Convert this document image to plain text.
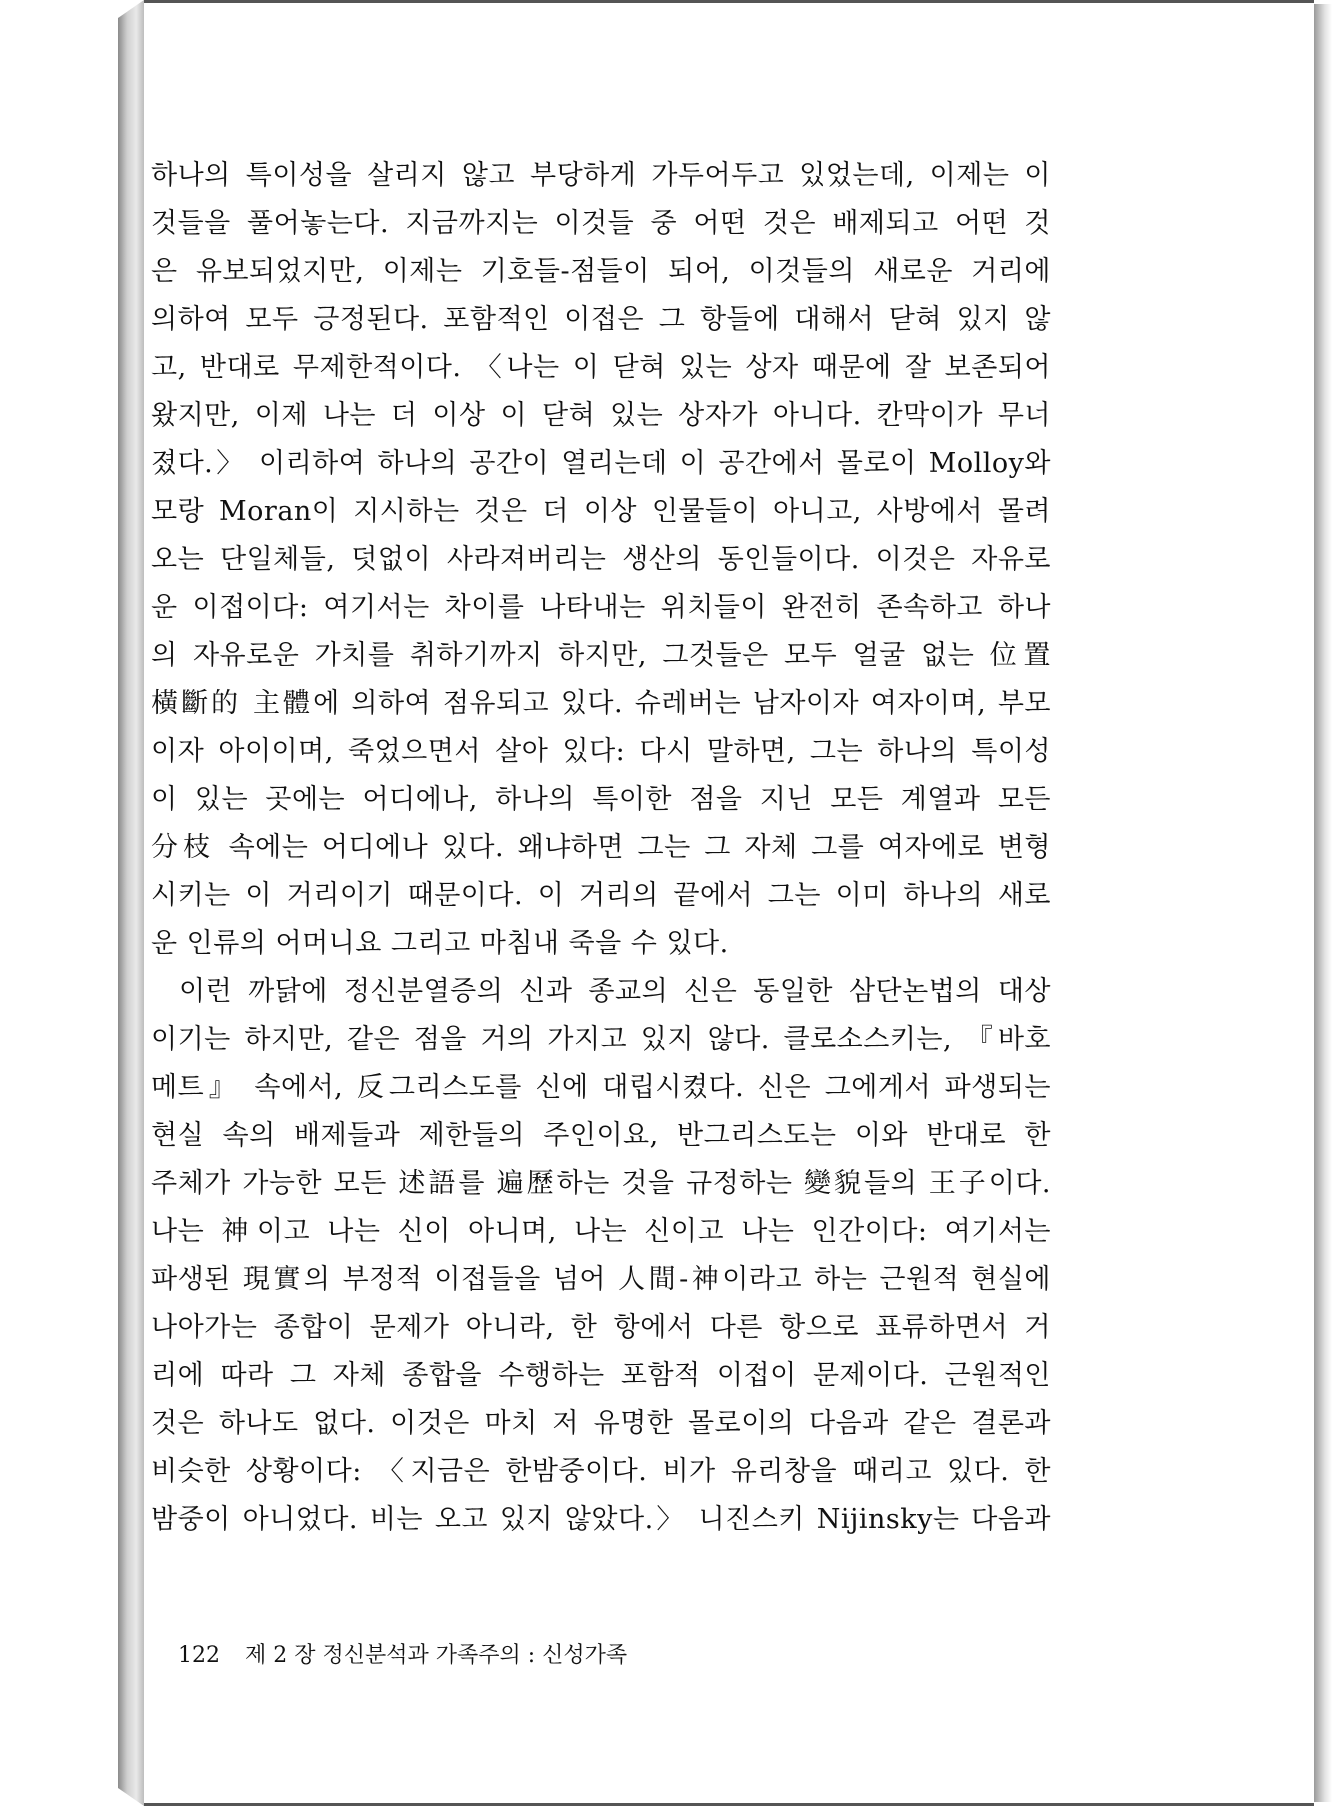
하나의 특이성을 살리지 않고 부당하게 가두어두고 있었는데, 이제는 이
것들을 풀어놓는다. 지금까지는 이것들 중 어떤 것은 배제되고 어떤 것
은 유보되었지만, 이제는 기호들-점들이 되어, 이것들의 새로운 거리에
의하여 모두 긍정된다. 포함적인 이접은 그 항들에 대해서 닫혀 있지 않
고, 반대로 무제한적이다. 〈나는 이 닫혀 있는 상자 때문에 잘 보존되어
왔지만, 이제 나는 더 이상 이 닫혀 있는 상자가 아니다. 칸막이가 무너
졌다.〉 이리하여 하나의 공간이 열리는데 이 공간에서 몰로이 Molloy와
모랑 Moran이 지시하는 것은 더 이상 인물들이 아니고, 사방에서 몰려
오는 단일체들, 덧없이 사라져버리는 생산의 동인들이다. 이것은 자유로
운 이접이다: 여기서는 차이를 나타내는 위치들이 완전히 존속하고 하나
의 자유로운 가치를 취하기까지 하지만, 그것들은 모두 얼굴 없는 位置
橫斷的 主體에 의하여 점유되고 있다. 슈레버는 남자이자 여자이며, 부모
이자 아이이며, 죽었으면서 살아 있다: 다시 말하면, 그는 하나의 특이성
이 있는 곳에는 어디에나, 하나의 특이한 점을 지닌 모든 계열과 모든
分枝 속에는 어디에나 있다. 왜냐하면 그는 그 자체 그를 여자에로 변형
시키는 이 거리이기 때문이다. 이 거리의 끝에서 그는 이미 하나의 새로
운 인류의 어머니요 그리고 마침내 죽을 수 있다.
이런 까닭에 정신분열증의 신과 종교의 신은 동일한 삼단논법의 대상
이기는 하지만, 같은 점을 거의 가지고 있지 않다. 클로소스키는, 『바호
메트』 속에서, 反그리스도를 신에 대립시켰다. 신은 그에게서 파생되는
현실 속의 배제들과 제한들의 주인이요, 반그리스도는 이와 반대로 한
주체가 가능한 모든 述語를 遍歷하는 것을 규정하는 變貌들의 王子이다.
나는 神이고 나는 신이 아니며, 나는 신이고 나는 인간이다: 여기서는
파생된 現實의 부정적 이접들을 넘어 人間-神이라고 하는 근원적 현실에
나아가는 종합이 문제가 아니라, 한 항에서 다른 항으로 표류하면서 거
리에 따라 그 자체 종합을 수행하는 포함적 이접이 문제이다. 근원적인
것은 하나도 없다. 이것은 마치 저 유명한 몰로이의 다음과 같은 결론과
비슷한 상황이다: 〈지금은 한밤중이다. 비가 유리창을 때리고 있다. 한
밤중이 아니었다. 비는 오고 있지 않았다.〉 니진스키 Nijinsky는 다음과
122 제 2 장 정신분석과 가족주의 : 신성가족
